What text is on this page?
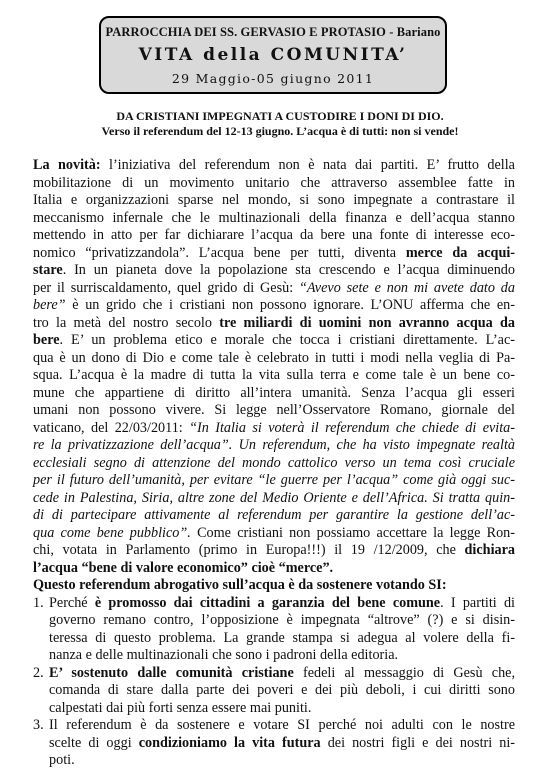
PARROCCHIA DEI SS. GERVASIO E PROTASIO - Bariano
VITA della COMUNITA’
29 Maggio-05 giugno 2011
DA CRISTIANI IMPEGNATI A CUSTODIRE I DONI DI DIO.
Verso il referendum del 12-13 giugno. L’acqua è di tutti: non si vende!
La novità: l’iniziativa del referendum non è nata dai partiti. E’ frutto della
mobilitazione di un movimento unitario che attraverso assemblee fatte in
Italia e organizzazioni sparse nel mondo, si sono impegnate a contrastare il
meccanismo infernale che le multinazionali della finanza e dell’acqua stanno
mettendo in atto per far dichiarare l’acqua da bere una fonte di interesse eco-
nomico “privatizzandola”. L’acqua bene per tutti, diventa merce da acqui-
stare. In un pianeta dove la popolazione sta crescendo e l’acqua diminuendo
per il surriscaldamento, quel grido di Gesù: “Avevo sete e non mi avete dato da
bere” è un grido che i cristiani non possono ignorare. L’ONU afferma che en-
tro la metà del nostro secolo tre miliardi di uomini non avranno acqua da
bere. E’ un problema etico e morale che tocca i cristiani direttamente. L’ac-
qua è un dono di Dio e come tale è celebrato in tutti i modi nella veglia di Pa-
squa. L’acqua è la madre di tutta la vita sulla terra e come tale è un bene co-
mune che appartiene di diritto all’intera umanità. Senza l’acqua gli esseri
umani non possono vivere. Si legge nell’Osservatore Romano, giornale del
vaticano, del 22/03/2011: “In Italia si voterà il referendum che chiede di evita-
re la privatizzazione dell’acqua”. Un referendum, che ha visto impegnate realtà
ecclesiali segno di attenzione del mondo cattolico verso un tema così cruciale
per il futuro dell’umanità, per evitare “le guerre per l’acqua” come già oggi suc-
cede in Palestina, Siria, altre zone del Medio Oriente e dell’Africa. Si tratta quin-
di di partecipare attivamente al referendum per garantire la gestione dell’ac-
qua come bene pubblico”. Come cristiani non possiamo accettare la legge Ron-
chi, votata in Parlamento (primo in Europa!!!) il 19 /12/2009, che dichiara
l’acqua “bene di valore economico” cioè “merce”.
Questo referendum abrogativo sull’acqua è da sostenere votando SI:
1. Perché è promosso dai cittadini a garanzia del bene comune. I partiti di
governo remano contro, l’opposizione è impegnata “altrove” (?) e si disin-
teressa di questo problema. La grande stampa si adegua al volere della fi-
nanza e delle multinazionali che sono i padroni della editoria.
2. E’ sostenuto dalle comunità cristiane fedeli al messaggio di Gesù che,
comanda di stare dalla parte dei poveri e dei più deboli, i cui diritti sono
calpestati dai più forti senza essere mai puniti.
3. Il referendum è da sostenere e votare SI perché noi adulti con le nostre
scelte di oggi condizioniamo la vita futura dei nostri figli e dei nostri ni-
poti.
